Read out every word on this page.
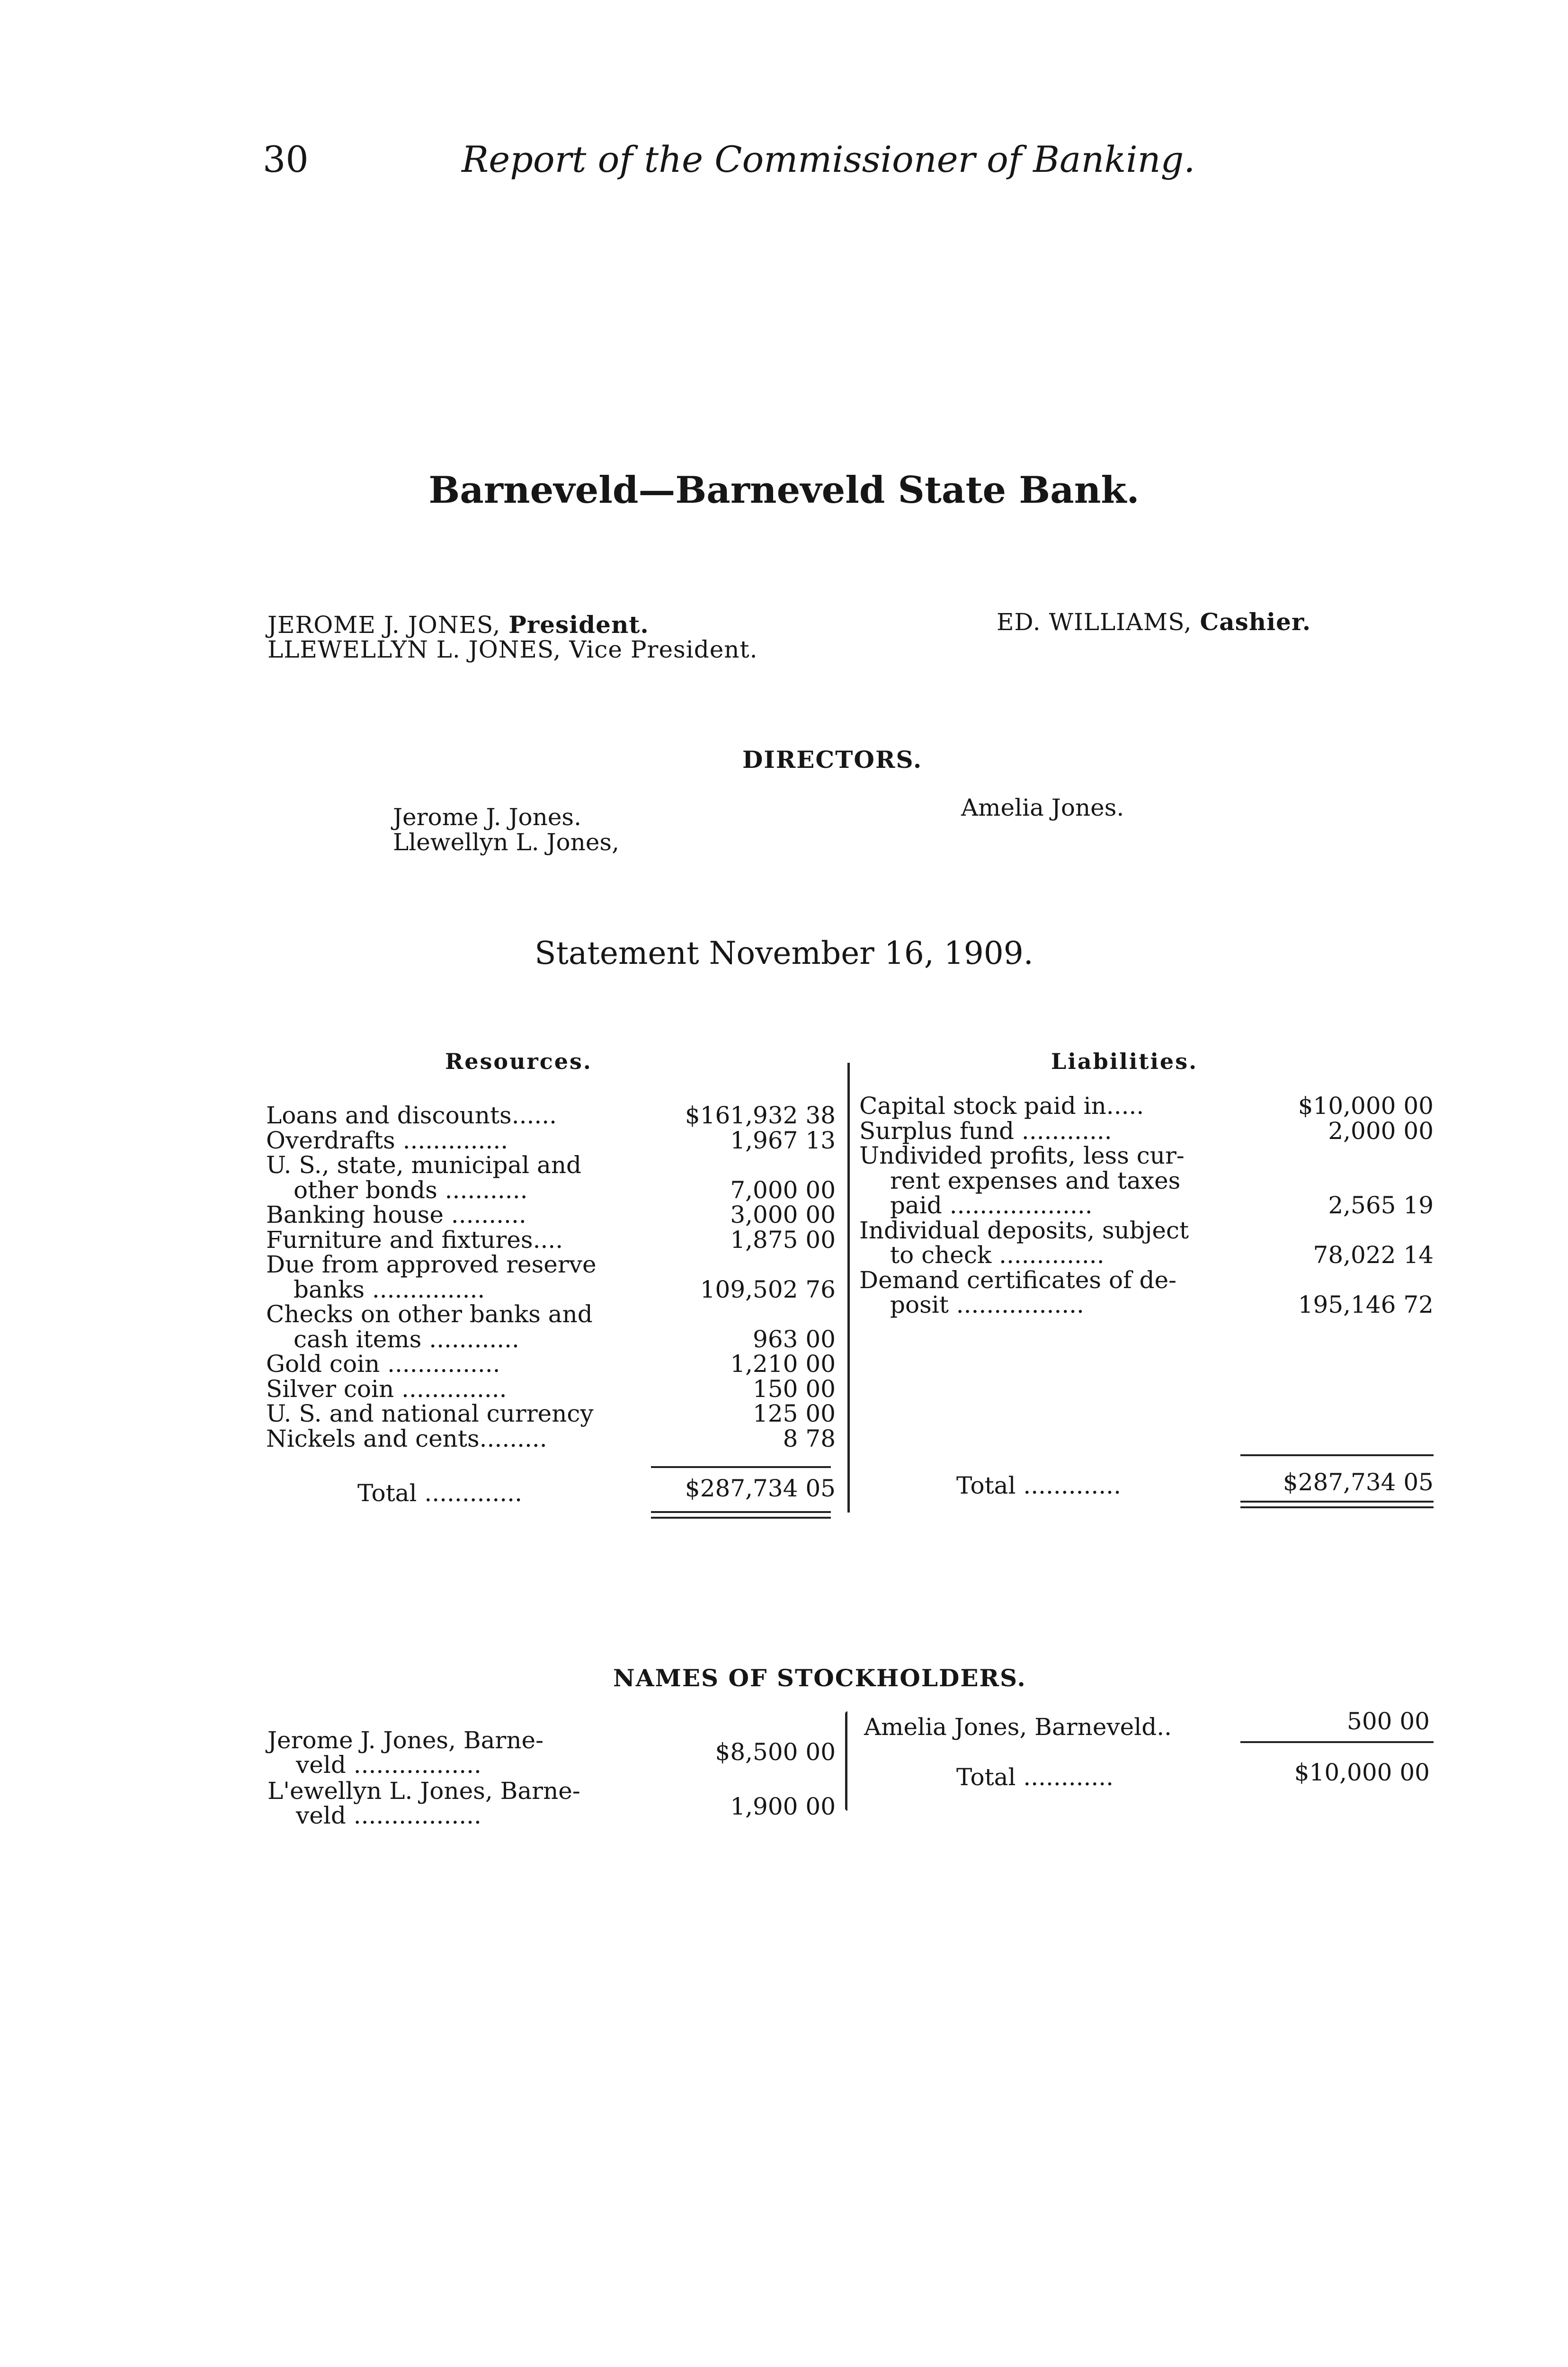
30	Report of the Commissioner of Banking.
Barneveld—Barneveld State Bank.
JEROME J. JONES, President.
LLEWELLYN L. JONES, Vice President.
ED. WILLIAMS, Cashier.
DIRECTORS.
Jerome J. Jones.
Llewellyn L. Jones,
Amelia Jones.
Statement November 16, 1909.
Resources.	Liabilities.
Loans and discounts......	$161,932 38
Overdrafts ..............	1,967 13
U. S., state, municipal and
other bonds ...........	7,000 00
Banking house ..........	3,000 00
Furniture and fixtures....	1,875 00
Due from approved reserve
banks ...............	109,502 76
Checks on other banks and
cash items ............	963 00
Gold coin ...............	1,210 00
Silver coin ..............	150 00
U. S. and national currency	125 00
Nickels and cents.........	8 78
Total .............	$287,734 05
Capital stock paid in.....	$10,000 00
Surplus fund ............	2,000 00
Undivided profits, less cur-
rent expenses and taxes
paid ...................	2,565 19
Individual deposits, subject
to check ..............	78,022 14
Demand certificates of de-
posit .................	195,146 72
Total .............	$287,734 05
NAMES OF STOCKHOLDERS.
Jerome J. Jones, Barne-
veld .................	$8,500 00
L'ewellyn L. Jones, Barne-
veld .................	1,900 00
Amelia Jones, Barneveld..	500 00
Total ............	$10,000 00
